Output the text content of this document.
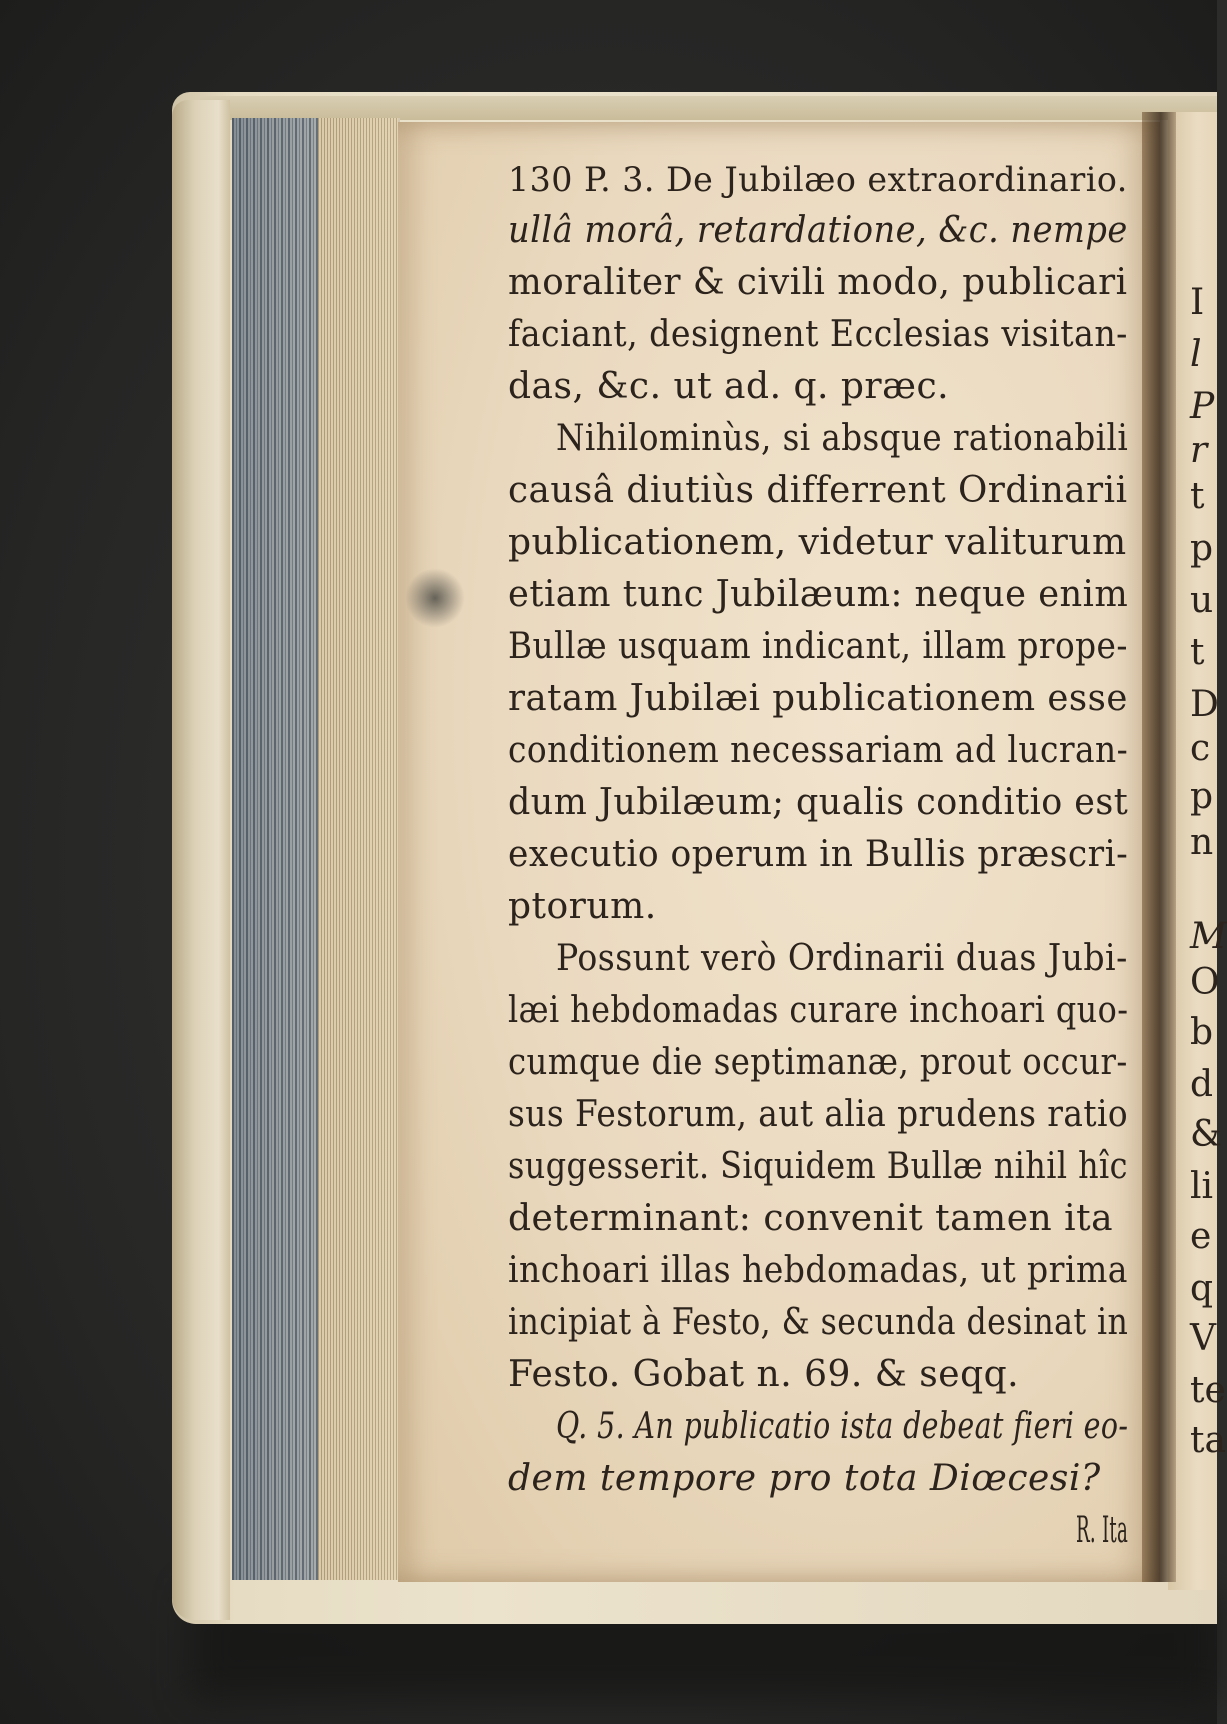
130 P. 3. De Jubilæo extraordinario.
ullâ morâ, retardatione, &c. nempe
moraliter & civili modo, publicari
faciant, designent Ecclesias visitan-
das, &c. ut ad. q. præc.
Nihilominùs, si absque rationabili
causâ diutiùs differrent Ordinarii
publicationem, videtur valiturum
etiam tunc Jubilæum: neque enim
Bullæ usquam indicant, illam prope-
ratam Jubilæi publicationem esse
conditionem necessariam ad lucran-
dum Jubilæum; qualis conditio est
executio operum in Bullis præscri-
ptorum.
Possunt verò Ordinarii duas Jubi-
læi hebdomadas curare inchoari quo-
cumque die septimanæ, prout occur-
sus Festorum, aut alia prudens ratio
suggesserit. Siquidem Bullæ nihil hîc
determinant: convenit tamen ita
inchoari illas hebdomadas, ut prima
incipiat à Festo, & secunda desinat in
Festo. Gobat n. 69. & seqq.
Q. 5. An publicatio ista debeat fieri eo-
dem tempore pro tota Diœcesi?
R. Ita
I
l
P
r
t
p
u
t
D
c
p
n
M
O
b
d
&
li
e
q
V
te
ta
